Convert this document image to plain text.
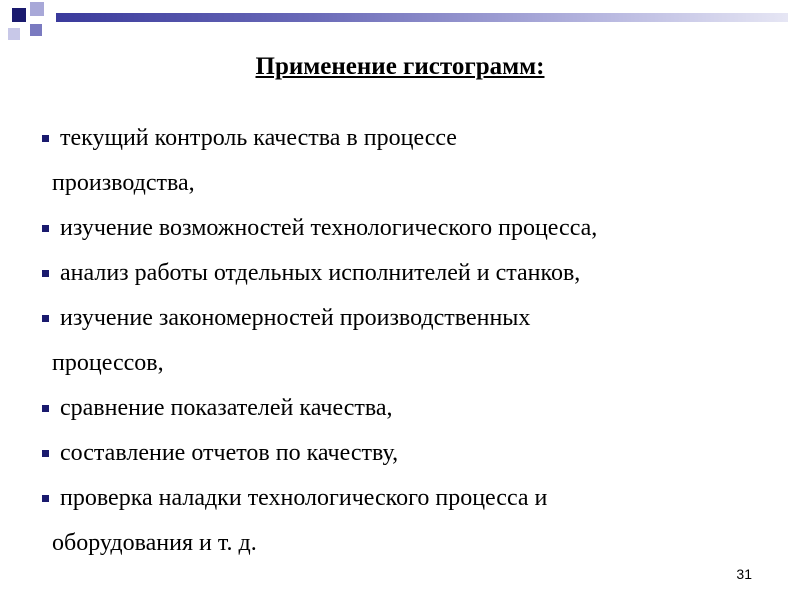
Применение гистограмм:
текущий контроль качества в процессе
производства,
изучение возможностей технологического процесса,
анализ работы отдельных исполнителей и станков,
изучение закономерностей производственных
процессов,
сравнение показателей качества,
составление отчетов по качеству,
проверка наладки технологического процесса и
оборудования и т. д.
31
